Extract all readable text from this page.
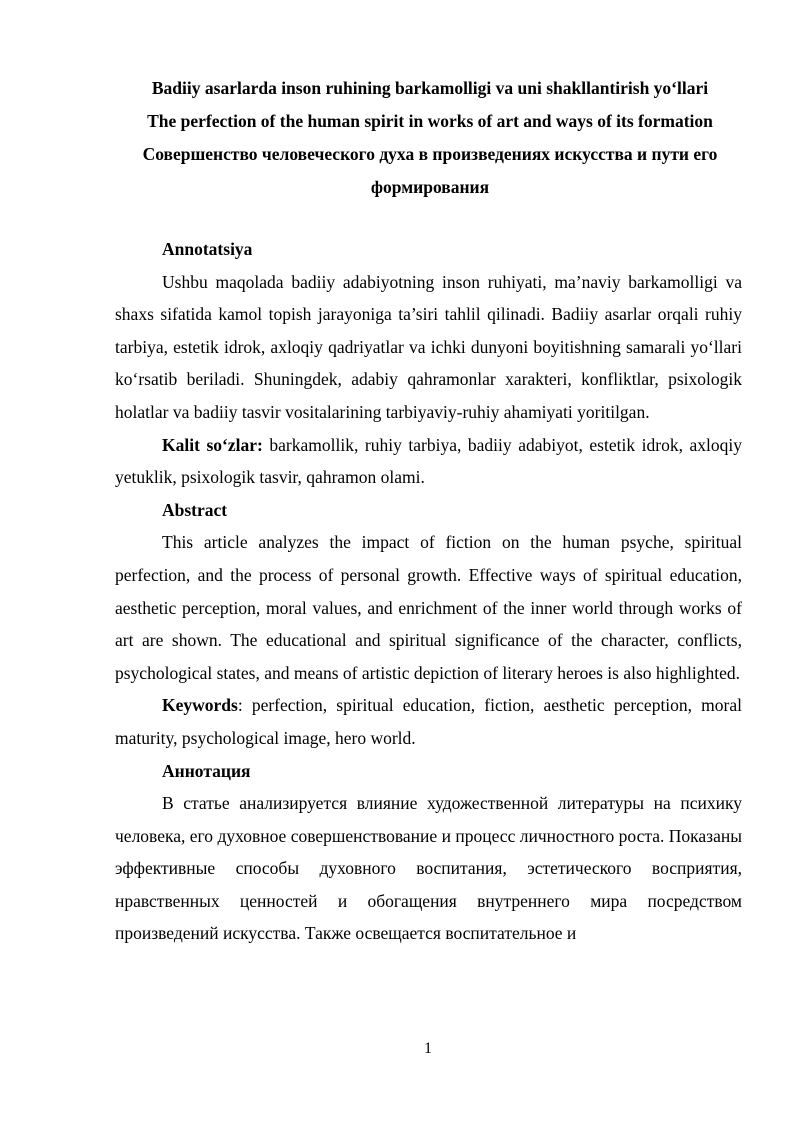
Badiiy asarlarda inson ruhining barkamolligi va uni shakllantirish yo‘llari
The perfection of the human spirit in works of art and ways of its formation
Совершенство человеческого духа в произведениях искусства и пути его
формирования

Annotatsiya

Ushbu maqolada badiiy adabiyotning inson ruhiyati, ma’naviy barkamolligi va shaxs sifatida kamol topish jarayoniga ta’siri tahlil qilinadi. Badiiy asarlar orqali ruhiy tarbiya, estetik idrok, axloqiy qadriyatlar va ichki dunyoni boyitishning samarali yo‘llari ko‘rsatib beriladi. Shuningdek, adabiy qahramonlar xarakteri, konfliktlar, psixologik holatlar va badiiy tasvir vositalarining tarbiyaviy-ruhiy ahamiyati yoritilgan.

Kalit so‘zlar: barkamollik, ruhiy tarbiya, badiiy adabiyot, estetik idrok, axloqiy yetuklik, psixologik tasvir, qahramon olami.

Abstract

This article analyzes the impact of fiction on the human psyche, spiritual perfection, and the process of personal growth. Effective ways of spiritual education, aesthetic perception, moral values, and enrichment of the inner world through works of art are shown. The educational and spiritual significance of the character, conflicts, psychological states, and means of artistic depiction of literary heroes is also highlighted.

Keywords: perfection, spiritual education, fiction, aesthetic perception, moral maturity, psychological image, hero world.

Аннотация

В статье анализируется влияние художественной литературы на психику человека, его духовное совершенствование и процесс личностного роста. Показаны эффективные способы духовного воспитания, эстетического восприятия, нравственных ценностей и обогащения внутреннего мира посредством произведений искусства. Также освещается воспитательное и

1
